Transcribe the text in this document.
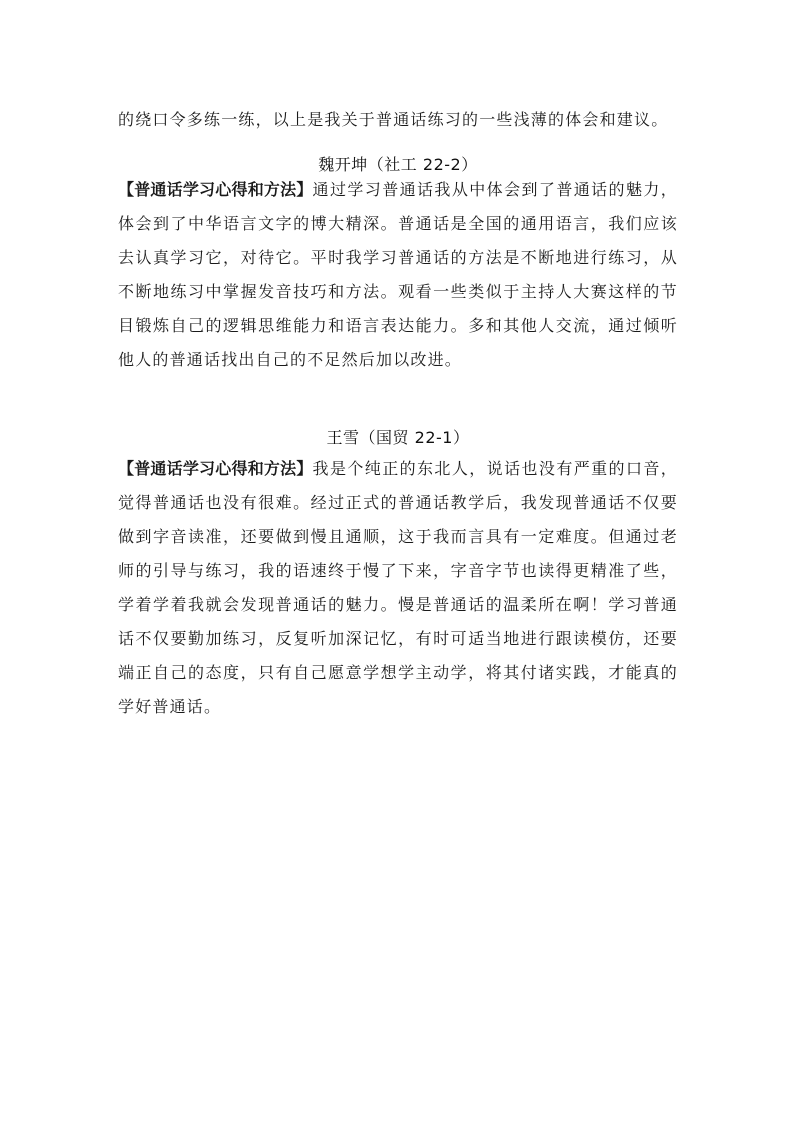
的绕口令多练一练，以上是我关于普通话练习的一些浅薄的体会和建议。

魏开坤（社工 22-2）

【普通话学习心得和方法】通过学习普通话我从中体会到了普通话的魅力，体会到了中华语言文字的博大精深。普通话是全国的通用语言，我们应该去认真学习它，对待它。平时我学习普通话的方法是不断地进行练习，从不断地练习中掌握发音技巧和方法。观看一些类似于主持人大赛这样的节目锻炼自己的逻辑思维能力和语言表达能力。多和其他人交流，通过倾听他人的普通话找出自己的不足然后加以改进。

王雪（国贸 22-1）

【普通话学习心得和方法】我是个纯正的东北人，说话也没有严重的口音，觉得普通话也没有很难。经过正式的普通话教学后，我发现普通话不仅要做到字音读准，还要做到慢且通顺，这于我而言具有一定难度。但通过老师的引导与练习，我的语速终于慢了下来，字音字节也读得更精准了些，学着学着我就会发现普通话的魅力。慢是普通话的温柔所在啊！学习普通话不仅要勤加练习，反复听加深记忆，有时可适当地进行跟读模仿，还要端正自己的态度，只有自己愿意学想学主动学，将其付诸实践，才能真的学好普通话。
